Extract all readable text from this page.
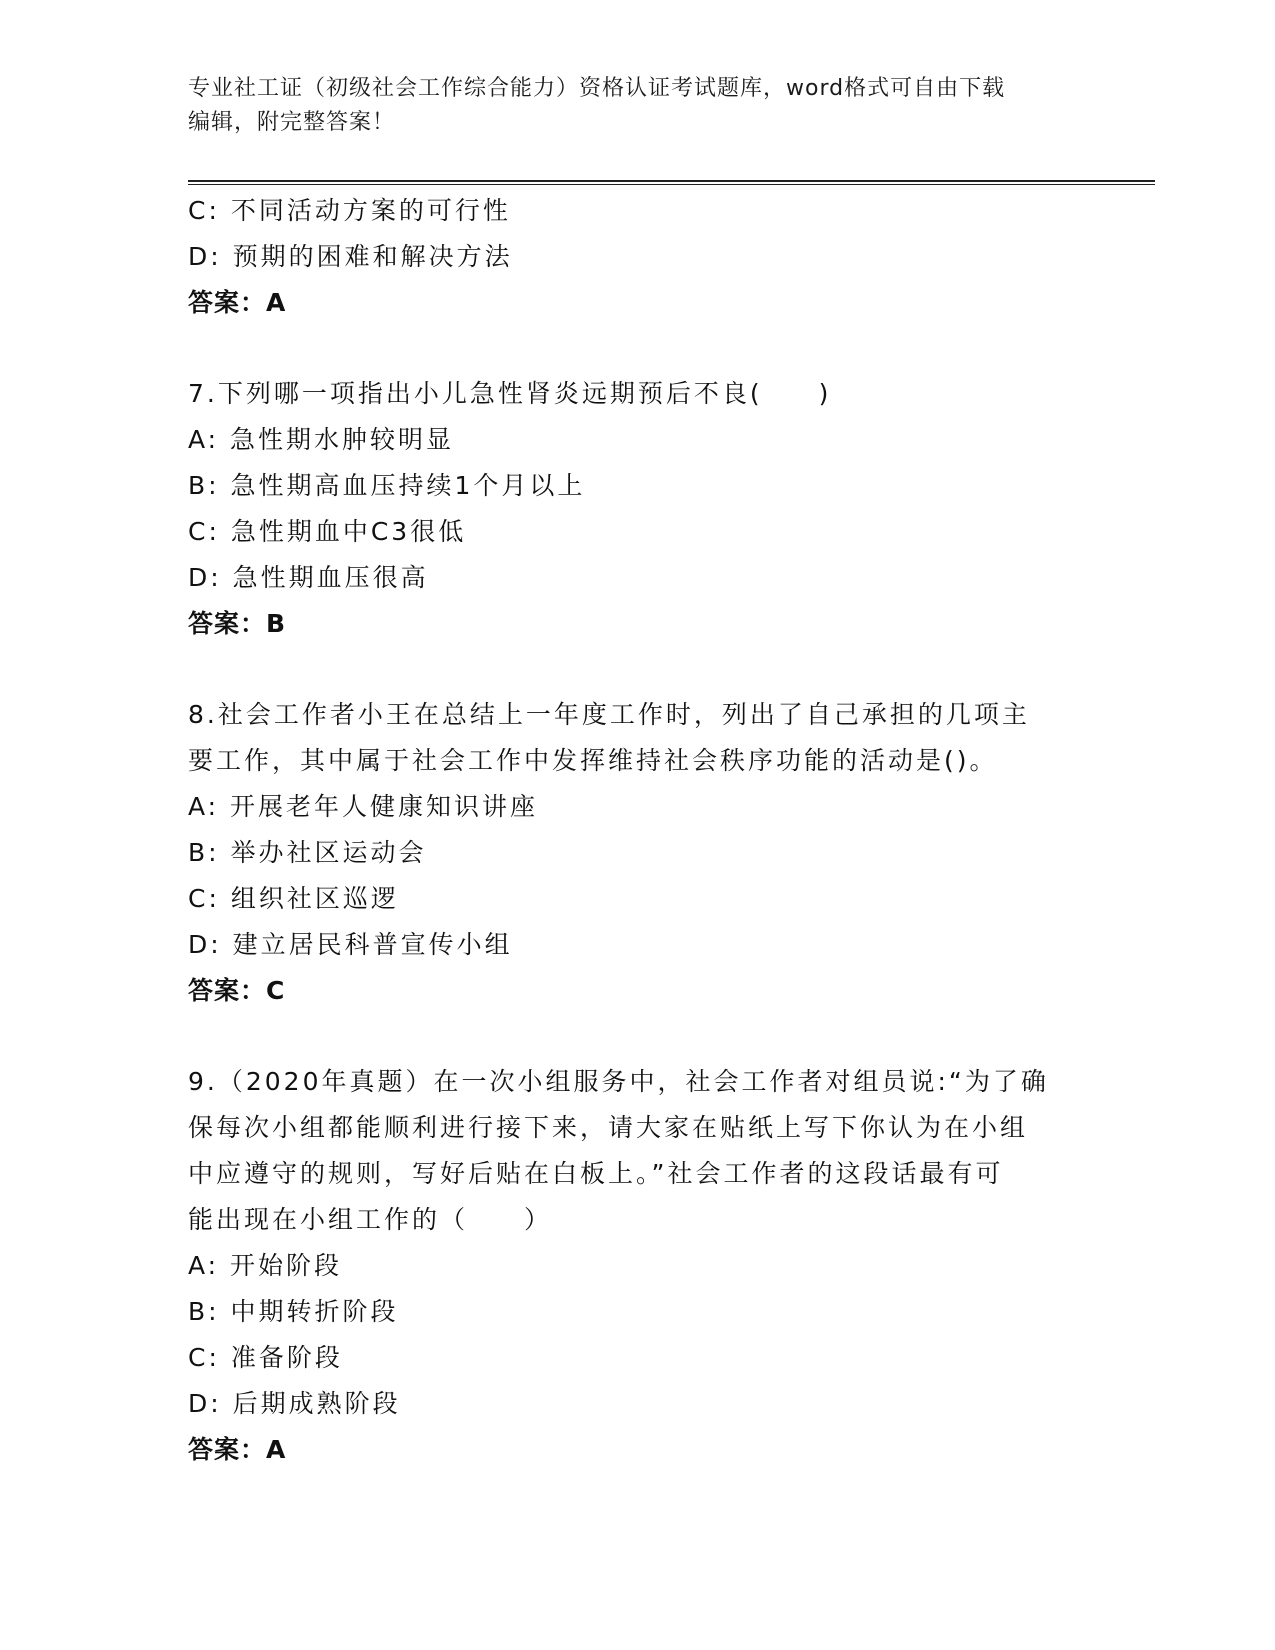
专业社工证（初级社会工作综合能力）资格认证考试题库，word格式可自由下载
编辑，附完整答案！
C: 不同活动方案的可行性
D: 预期的困难和解决方法
答案：A
7.下列哪一项指出小儿急性肾炎远期预后不良(　　)
A: 急性期水肿较明显
B: 急性期高血压持续1个月以上
C: 急性期血中C3很低
D: 急性期血压很高
答案：B
8.社会工作者小王在总结上一年度工作时，列出了自己承担的几项主
要工作，其中属于社会工作中发挥维持社会秩序功能的活动是()。
A: 开展老年人健康知识讲座
B: 举办社区运动会
C: 组织社区巡逻
D: 建立居民科普宣传小组
答案：C
9.（2020年真题）在一次小组服务中，社会工作者对组员说:“为了确
保每次小组都能顺利进行接下来，请大家在贴纸上写下你认为在小组
中应遵守的规则，写好后贴在白板上。”社会工作者的这段话最有可
能出现在小组工作的（　　）
A: 开始阶段
B: 中期转折阶段
C: 准备阶段
D: 后期成熟阶段
答案：A
